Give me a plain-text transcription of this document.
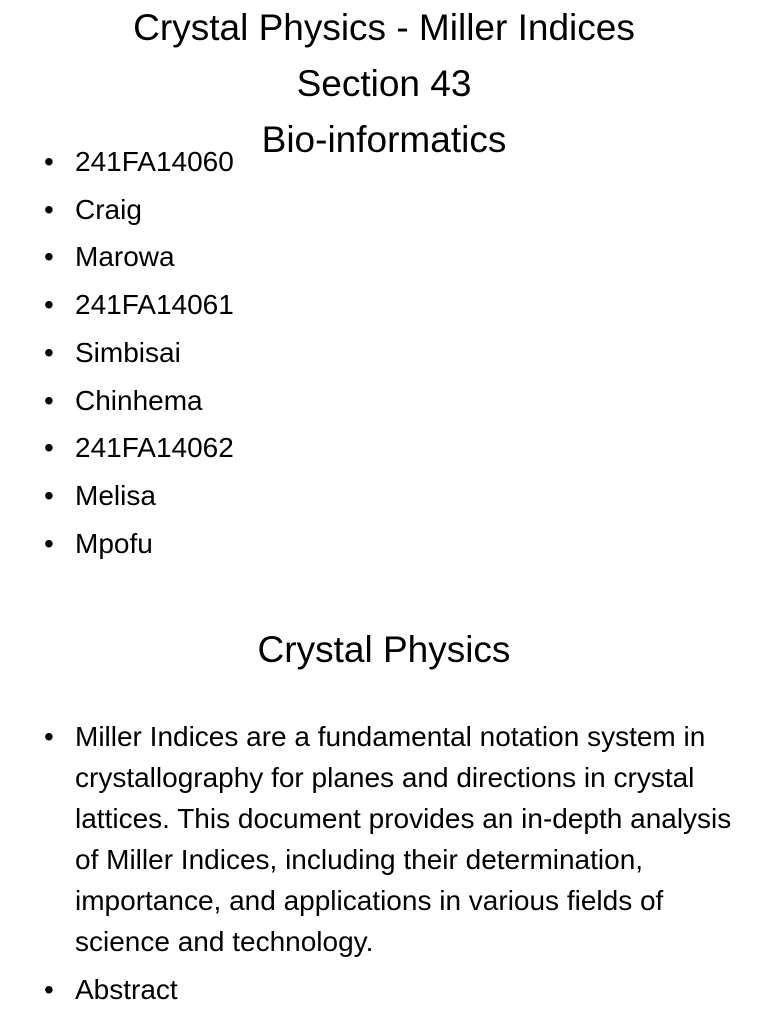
Crystal Physics - Miller Indices
Section 43
Bio-informatics
• 241FA14060
• Craig
• Marowa
• 241FA14061
• Simbisai
• Chinhema
• 241FA14062
• Melisa
• Mpofu
Crystal Physics
• Miller Indices are a fundamental notation system in crystallography for planes and directions in crystal lattices. This document provides an in-depth analysis of Miller Indices, including their determination, importance, and applications in various fields of science and technology.
• Abstract
